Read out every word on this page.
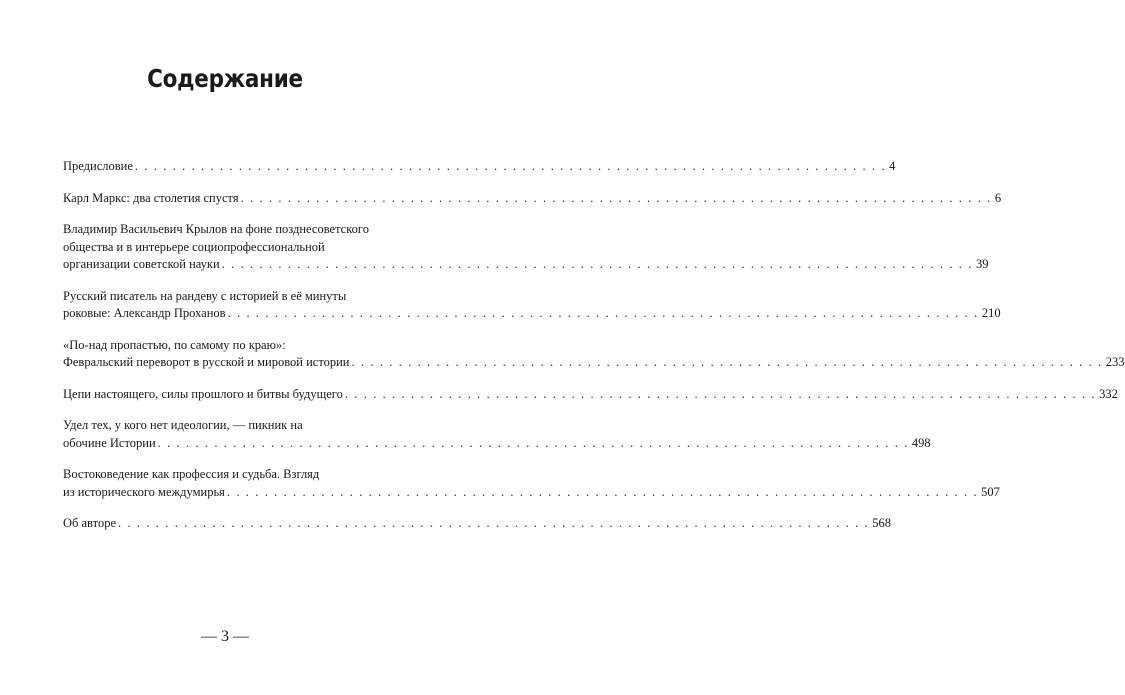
Содержание
Предисловие . . . . . . . . . . . . . . . . . . . . . . . . . . . . . . . . . . . . . . . . . . . . . . . . . . . . . . . . . . . . . . . . . . . . . . . . . . . . . . . . 4
Карл Маркс: два столетия спустя . . . . . . . . . . . . . . . . . . . . . . . . . . . . . . . . . . . . . . . . . . . . . . . . . . . . . . . . . . . . . . . . . . . . . . . . . . . . . . . . 6
Владимир Васильевич Крылов на фоне позднесоветского
общества и в интерьере социопрофессиональной
организации советской науки . . . . . . . . . . . . . . . . . . . . . . . . . . . . . . . . . . . . . . . . . . . . . . . . . . . . . . . . . . . . . . . . . . . . . . . . . . . . . . . . 39
Русский писатель на рандеву с историей в её минуты
роковые: Александр Проханов . . . . . . . . . . . . . . . . . . . . . . . . . . . . . . . . . . . . . . . . . . . . . . . . . . . . . . . . . . . . . . . . . . . . . . . . . . . . . . . . 210
«По-над пропастью, по самому по краю»:
Февральский переворот в русской и мировой истории . . . . . . . . . . . . . . . . . . . . . . . . . . . . . . . . . . . . . . . . . . . . . . . . . . . . . . . . . . . . . . . . . . . . . . . . . . . . . . . . 233
Цепи настоящего, силы прошлого и битвы будущего . . . . . . . . . . . . . . . . . . . . . . . . . . . . . . . . . . . . . . . . . . . . . . . . . . . . . . . . . . . . . . . . . . . . . . . . . . . . . . . . 332
Удел тех, у кого нет идеологии, — пикник на
обочине Истории . . . . . . . . . . . . . . . . . . . . . . . . . . . . . . . . . . . . . . . . . . . . . . . . . . . . . . . . . . . . . . . . . . . . . . . . . . . . . . . . 498
Востоковедение как профессия и судьба. Взгляд
из исторического междумирья . . . . . . . . . . . . . . . . . . . . . . . . . . . . . . . . . . . . . . . . . . . . . . . . . . . . . . . . . . . . . . . . . . . . . . . . . . . . . . . . 507
Об авторе . . . . . . . . . . . . . . . . . . . . . . . . . . . . . . . . . . . . . . . . . . . . . . . . . . . . . . . . . . . . . . . . . . . . . . . . . . . . . . . . 568
— 3 —
